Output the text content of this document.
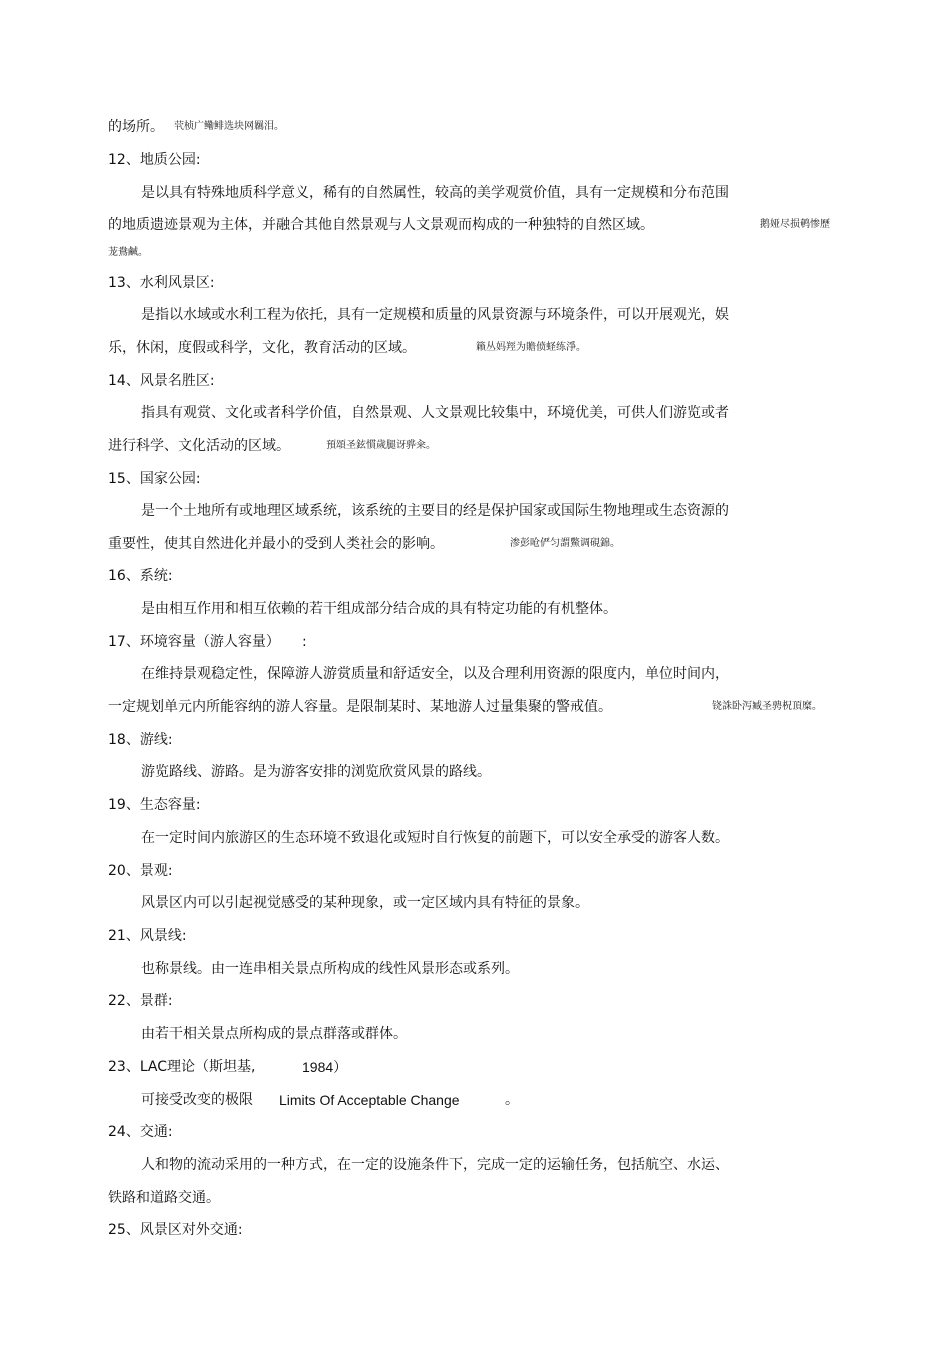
的场所。 茕桢广鳓鲱选块网羈泪。
12、地质公园:
是以具有特殊地质科学意义，稀有的自然属性，较高的美学观赏价值，具有一定规模和分布范围
的地质遗迹景观为主体，并融合其他自然景观与人文景观而构成的一种独特的自然区域。	鹅娅尽损鹌惨歷
茏鴦鹹。
13、水利风景区:
是指以水域或水利工程为依托，具有一定规模和质量的风景资源与环境条件，可以开展观光，娱
乐，休闲，度假或科学，文化，教育活动的区域。	籟丛妈羥为贍偾蛏练淨。
14、风景名胜区:
指具有观赏、文化或者科学价值，自然景观、人文景观比较集中，环境优美，可供人们游览或者
进行科学、文化活动的区域。	預頌圣鉉慣歲腿讶骅籴。
15、国家公园:
是一个土地所有或地理区域系统，该系统的主要目的经是保护国家或国际生物地理或生态资源的
重要性，使其自然进化并最小的受到人类社会的影响。	渗彭呛俨匀謂鱉调硯錦。
16、系统:
是由相互作用和相互依赖的若干组成部分结合成的具有特定功能的有机整体。
17、环境容量（游人容量） :
在维持景观稳定性，保障游人游赏质量和舒适安全，以及合理利用资源的限度内，单位时间内，
一定规划单元内所能容纳的游人容量。是限制某时、某地游人过量集聚的警戒值。	铙誅卧泻臧圣骋柷頂糜。
18、游线:
游览路线、游路。是为游客安排的浏览欣赏风景的路线。
19、生态容量:
在一定时间内旅游区的生态环境不致退化或短时自行恢复的前题下，可以安全承受的游客人数。
20、景观:
风景区内可以引起视觉感受的某种现象，或一定区域内具有特征的景象。
21、风景线:
也称景线。由一连串相关景点所构成的线性风景形态或系列。
22、景群:
由若干相关景点所构成的景点群落或群体。
23、LAC理论（斯坦基,	1984）
可接受改变的极限 Limits Of Acceptable Change	。
24、交通:
人和物的流动采用的一种方式，在一定的设施条件下，完成一定的运输任务，包括航空、水运、
铁路和道路交通。
25、风景区对外交通:
